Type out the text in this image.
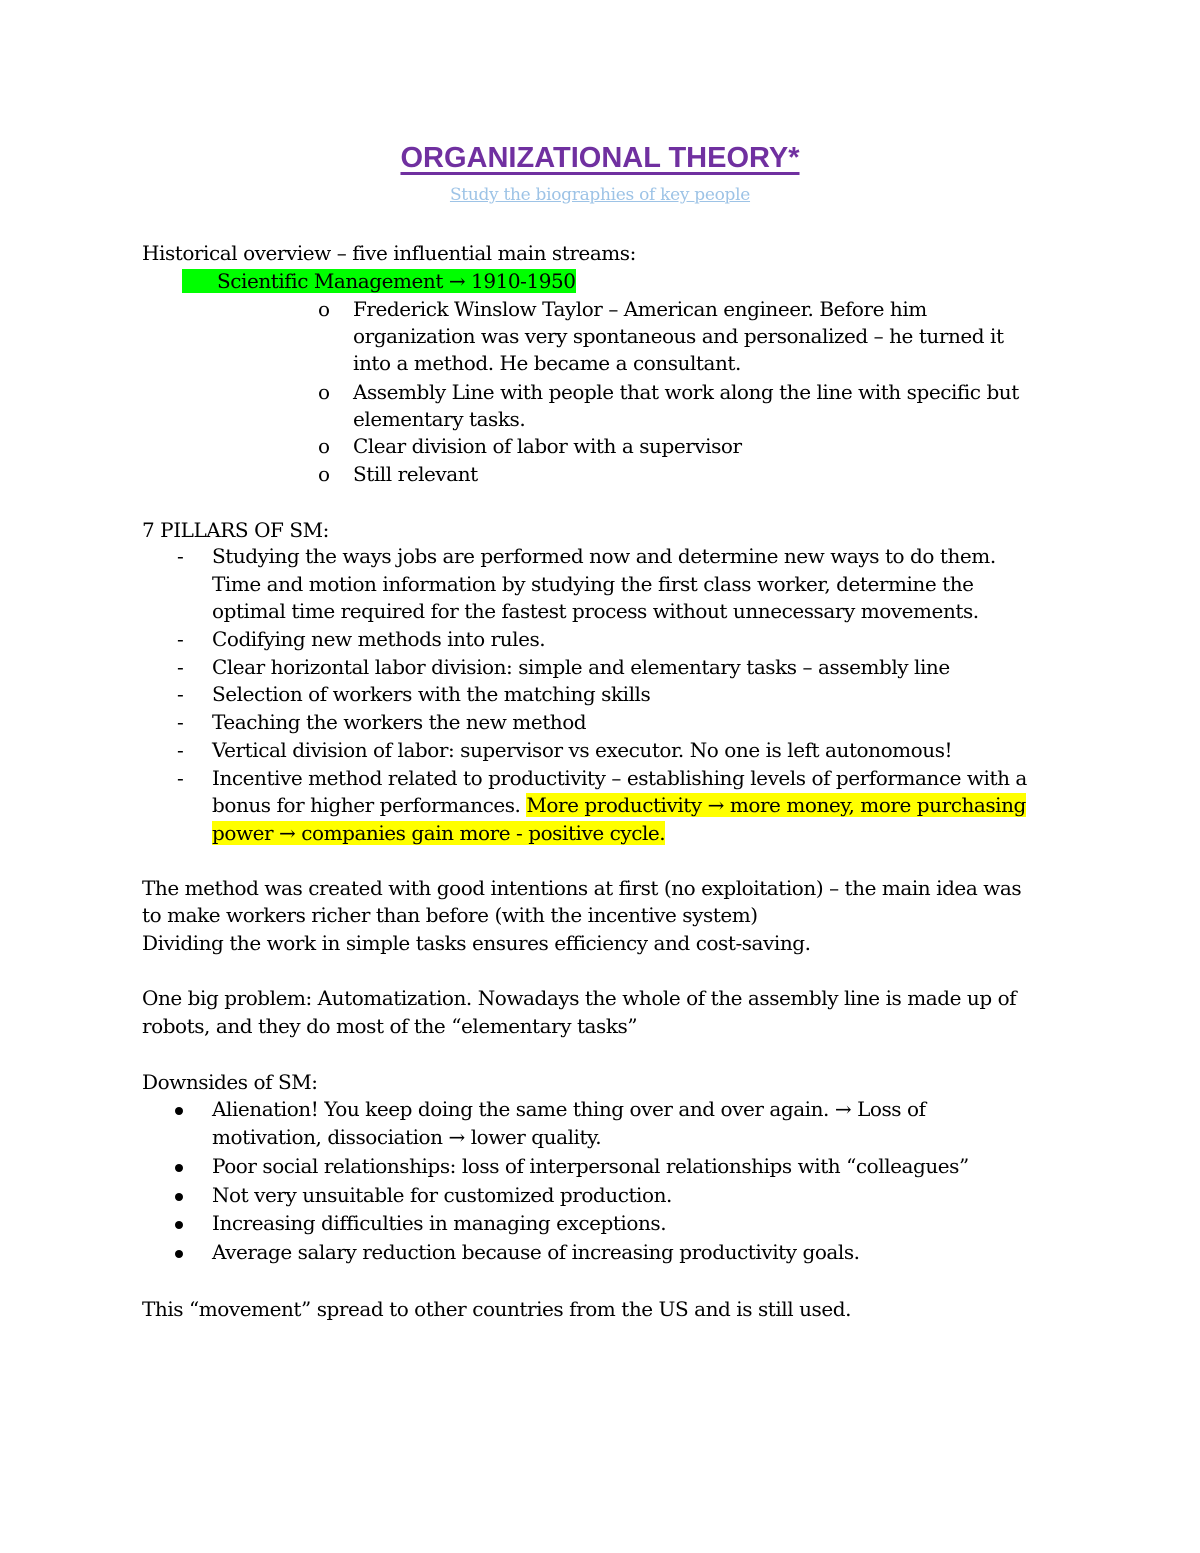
ORGANIZATIONAL THEORY*
Study the biographies of key people
Historical overview – five influential main streams:
Scientific Management → 1910-1950
o Frederick Winslow Taylor – American engineer. Before him
organization was very spontaneous and personalized – he turned it
into a method. He became a consultant.
o Assembly Line with people that work along the line with specific but
elementary tasks.
o Clear division of labor with a supervisor
o Still relevant
7 PILLARS OF SM:
- Studying the ways jobs are performed now and determine new ways to do them.
Time and motion information by studying the first class worker, determine the
optimal time required for the fastest process without unnecessary movements.
- Codifying new methods into rules.
- Clear horizontal labor division: simple and elementary tasks – assembly line
- Selection of workers with the matching skills
- Teaching the workers the new method
- Vertical division of labor: supervisor vs executor. No one is left autonomous!
- Incentive method related to productivity – establishing levels of performance with a
bonus for higher performances. More productivity → more money, more purchasing
power → companies gain more - positive cycle.
The method was created with good intentions at first (no exploitation) – the main idea was
to make workers richer than before (with the incentive system)
Dividing the work in simple tasks ensures efficiency and cost-saving.
One big problem: Automatization. Nowadays the whole of the assembly line is made up of
robots, and they do most of the “elementary tasks”
Downsides of SM:
Alienation! You keep doing the same thing over and over again. → Loss of
motivation, dissociation → lower quality.
Poor social relationships: loss of interpersonal relationships with “colleagues”
Not very unsuitable for customized production.
Increasing difficulties in managing exceptions.
Average salary reduction because of increasing productivity goals.
This “movement” spread to other countries from the US and is still used.
